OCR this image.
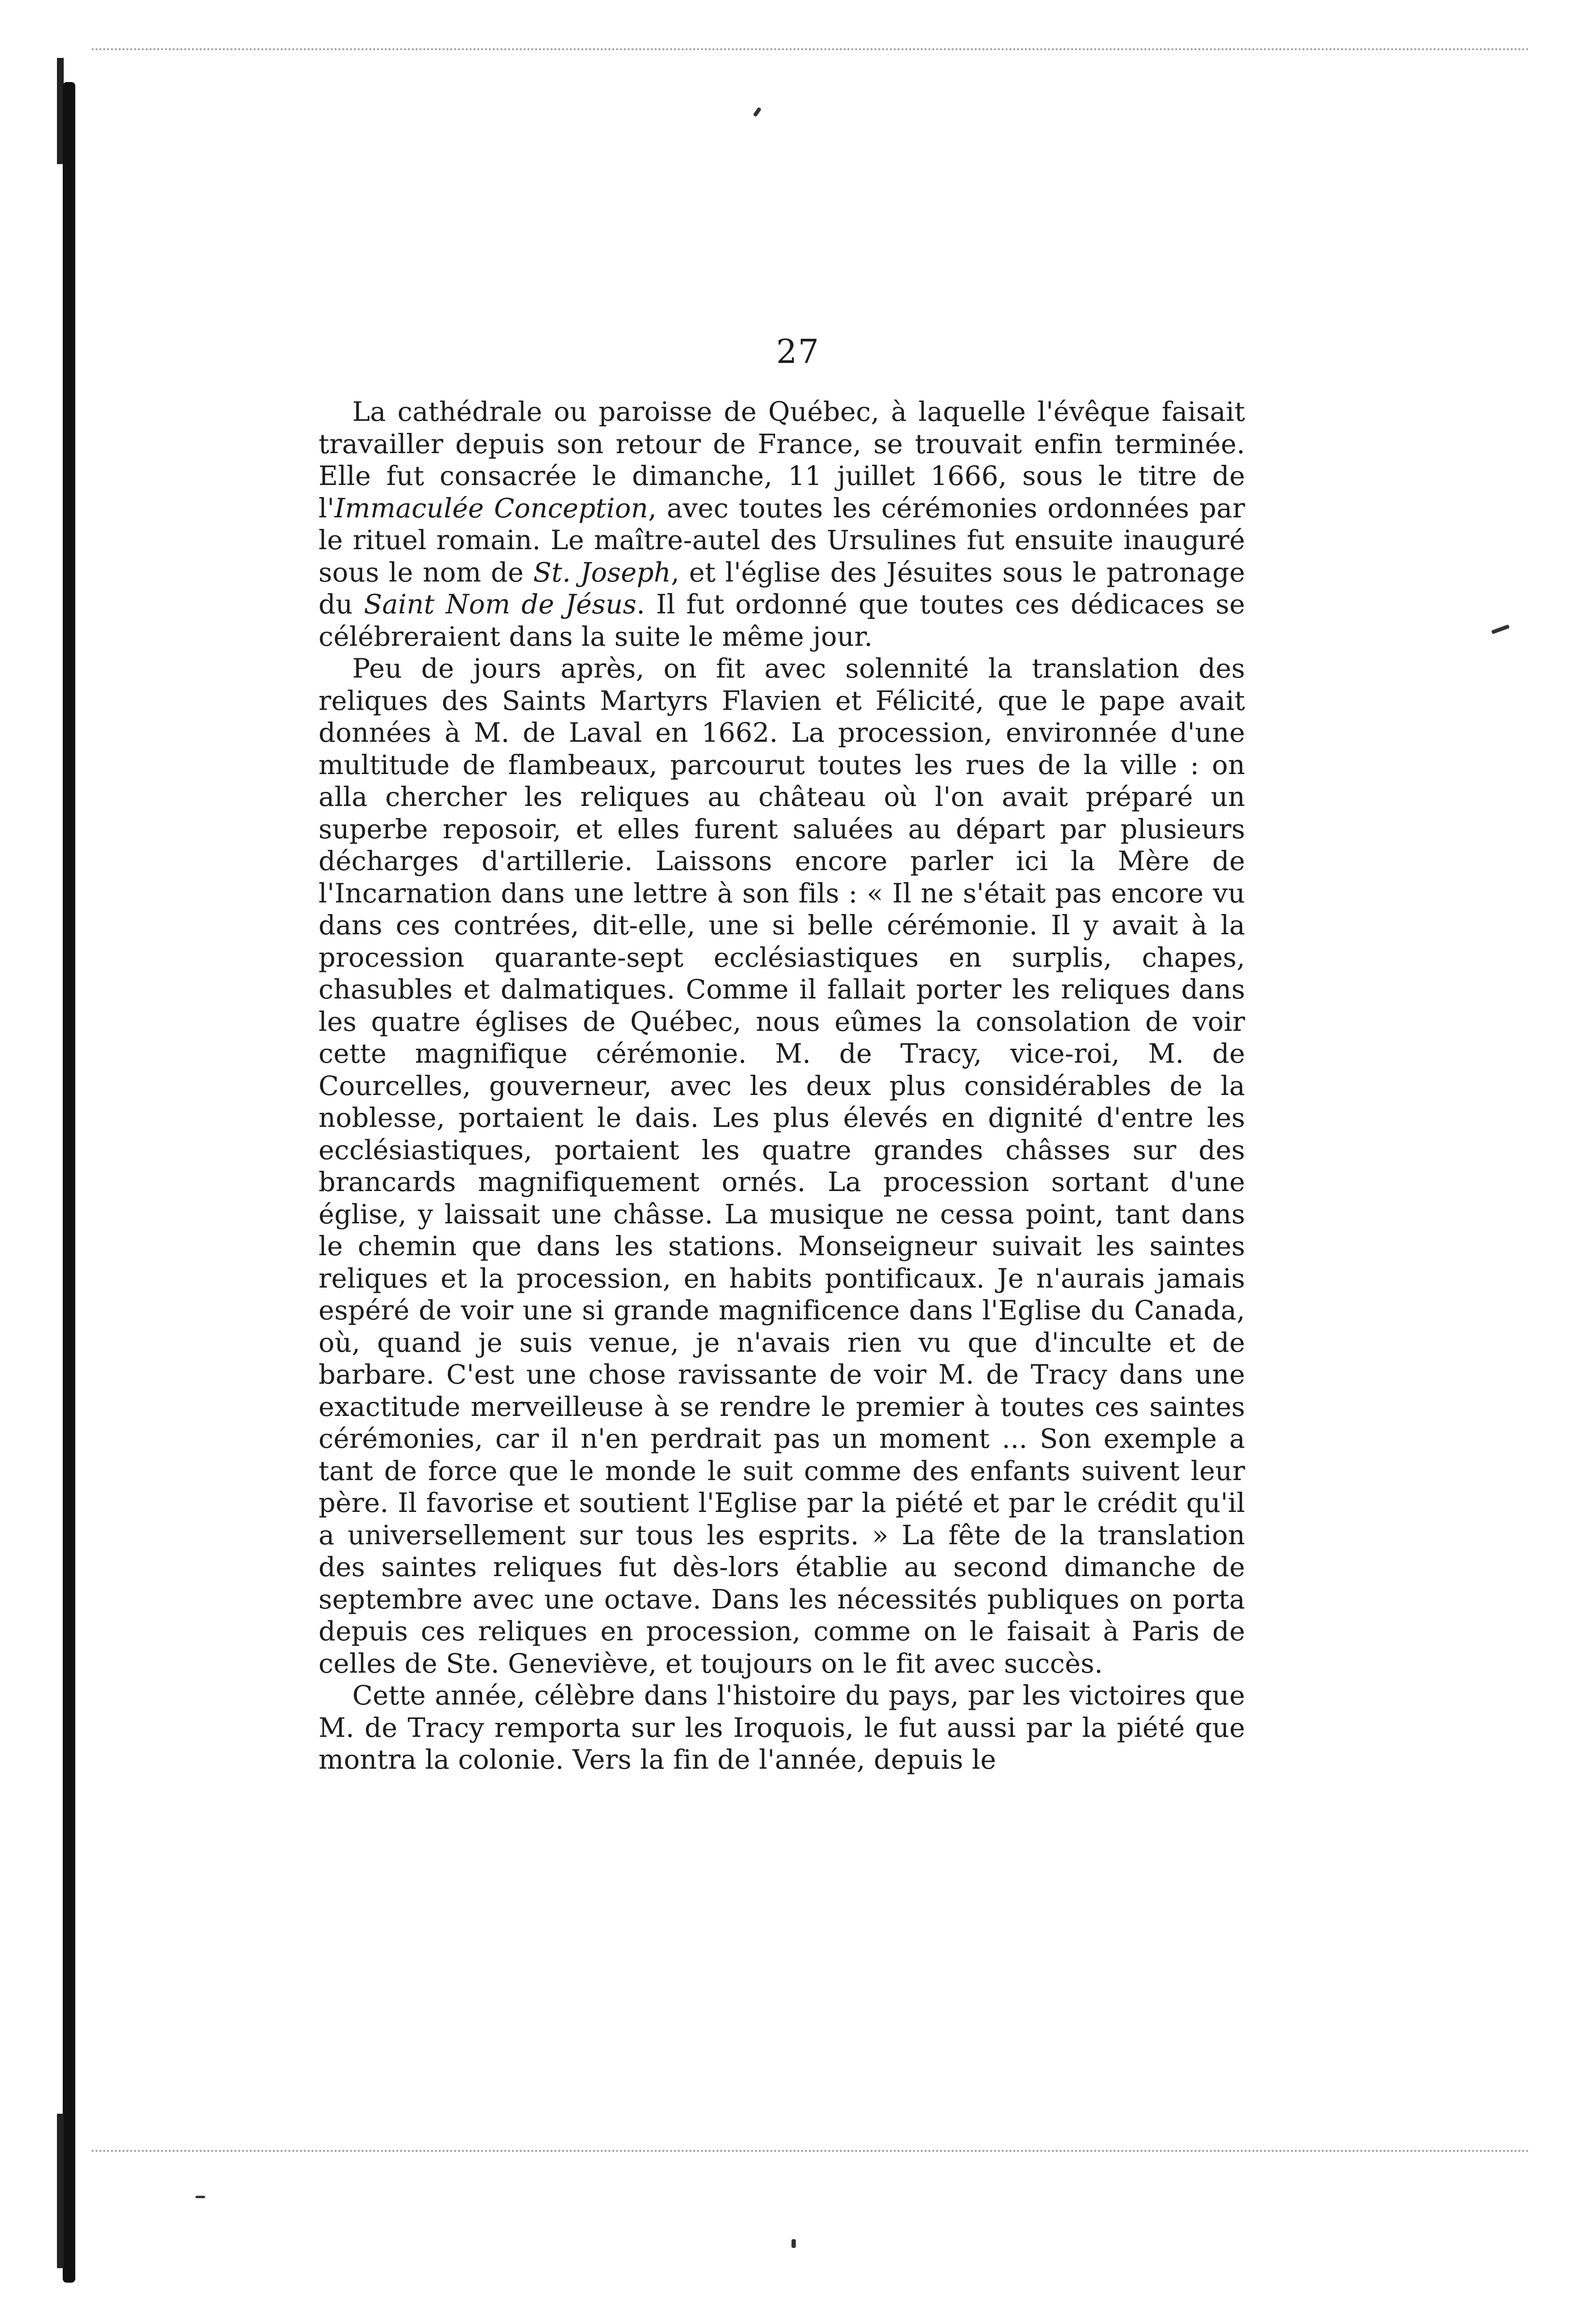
27

La cathédrale ou paroisse de Québec, à laquelle l'évêque faisait travailler depuis son retour de France, se trouvait enfin terminée. Elle fut consacrée le dimanche, 11 juillet 1666, sous le titre de l'Immaculée Conception, avec toutes les cérémonies ordonnées par le rituel romain. Le maître-autel des Ursulines fut ensuite inauguré sous le nom de St. Joseph, et l'église des Jésuites sous le patronage du Saint Nom de Jésus. Il fut ordonné que toutes ces dédicaces se célébreraient dans la suite le même jour.

Peu de jours après, on fit avec solennité la translation des reliques des Saints Martyrs Flavien et Félicité, que le pape avait données à M. de Laval en 1662. La procession, environnée d'une multitude de flambeaux, parcourut toutes les rues de la ville : on alla chercher les reliques au château où l'on avait préparé un superbe reposoir, et elles furent saluées au départ par plusieurs décharges d'artillerie. Laissons encore parler ici la Mère de l'Incarnation dans une lettre à son fils : « Il ne s'était pas encore vu dans ces contrées, dit-elle, une si belle cérémonie. Il y avait à la procession quarante-sept ecclésiastiques en surplis, chapes, chasubles et dalmatiques. Comme il fallait porter les reliques dans les quatre églises de Québec, nous eûmes la consolation de voir cette magnifique cérémonie. M. de Tracy, vice-roi, M. de Courcelles, gouverneur, avec les deux plus considérables de la noblesse, portaient le dais. Les plus élevés en dignité d'entre les ecclésiastiques, portaient les quatre grandes châsses sur des brancards magnifiquement ornés. La procession sortant d'une église, y laissait une châsse. La musique ne cessa point, tant dans le chemin que dans les stations. Monseigneur suivait les saintes reliques et la procession, en habits pontificaux. Je n'aurais jamais espéré de voir une si grande magnificence dans l'Eglise du Canada, où, quand je suis venue, je n'avais rien vu que d'inculte et de barbare. C'est une chose ravissante de voir M. de Tracy dans une exactitude merveilleuse à se rendre le premier à toutes ces saintes cérémonies, car il n'en perdrait pas un moment ... Son exemple a tant de force que le monde le suit comme des enfants suivent leur père. Il favorise et soutient l'Eglise par la piété et par le crédit qu'il a universellement sur tous les esprits. » La fête de la translation des saintes reliques fut dès-lors établie au second dimanche de septembre avec une octave. Dans les nécessités publiques on porta depuis ces reliques en procession, comme on le faisait à Paris de celles de Ste. Geneviève, et toujours on le fit avec succès.

Cette année, célèbre dans l'histoire du pays, par les victoires que M. de Tracy remporta sur les Iroquois, le fut aussi par la piété que montra la colonie. Vers la fin de l'année, depuis le
